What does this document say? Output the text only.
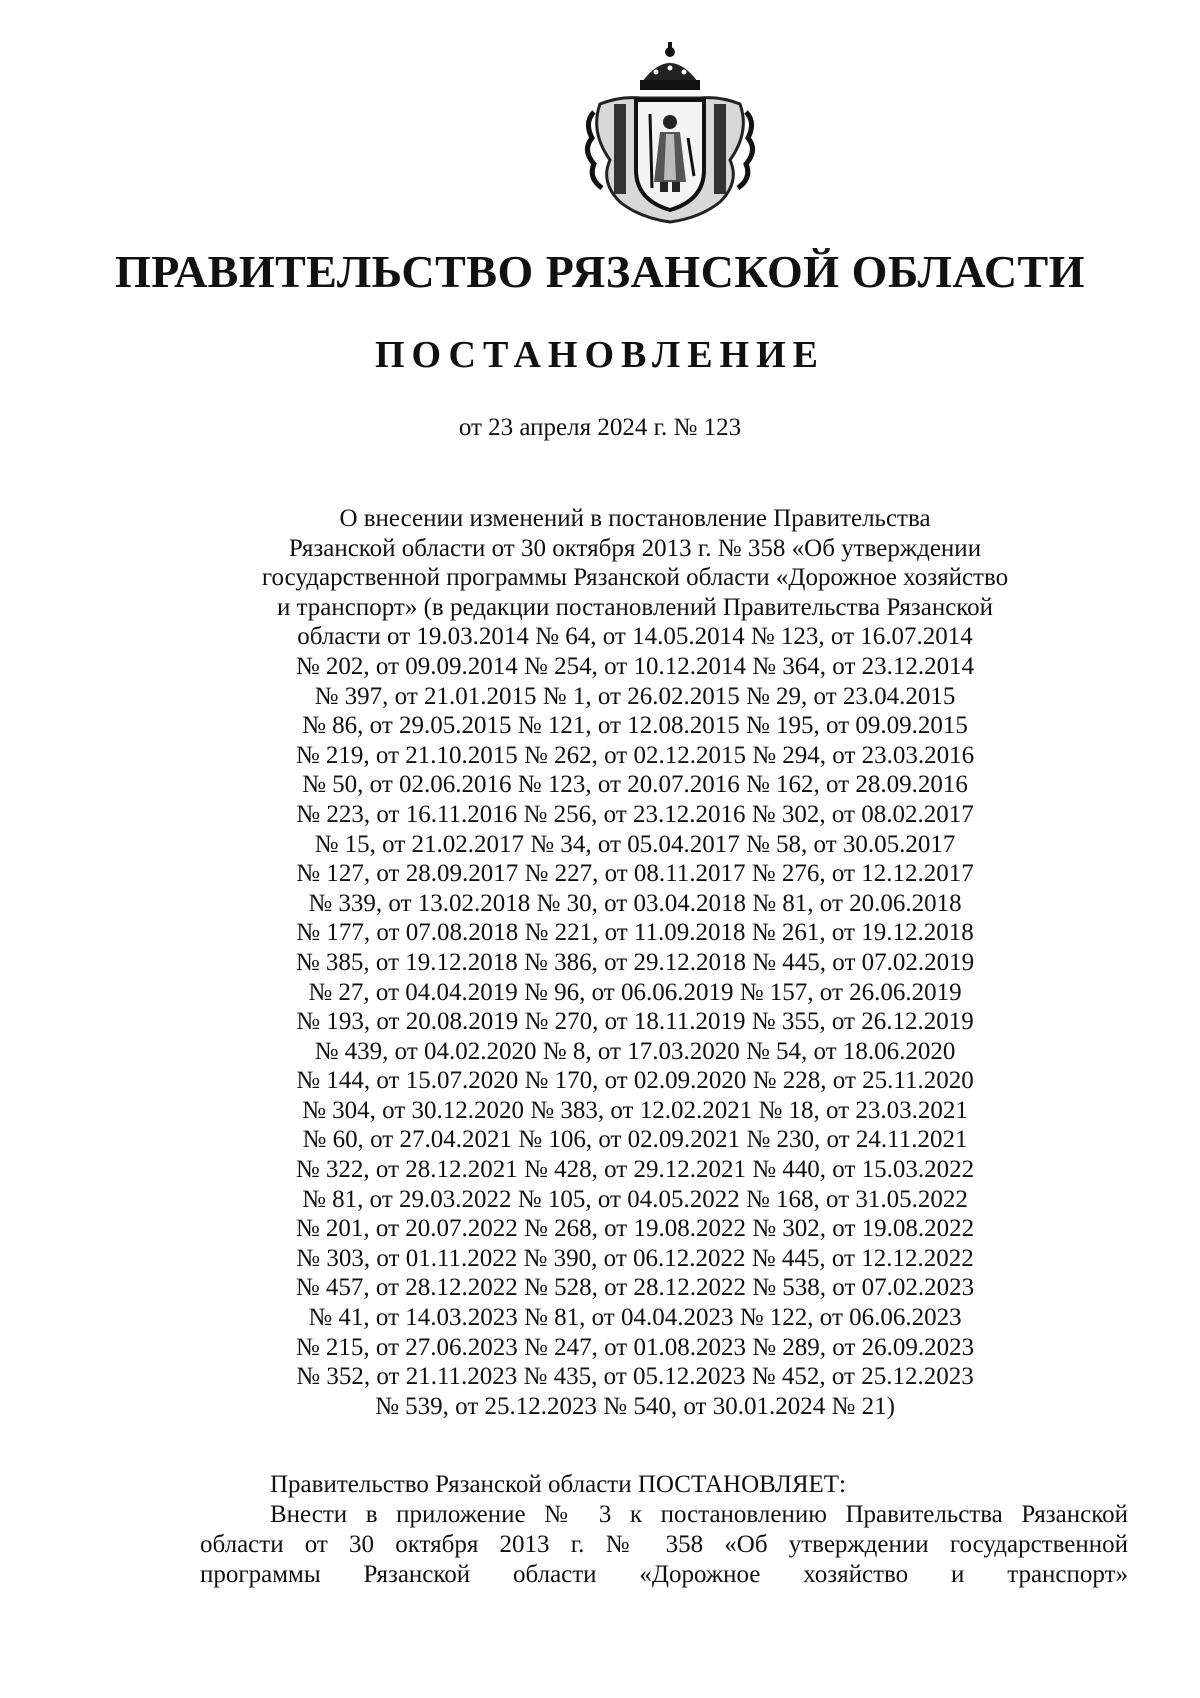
ПРАВИТЕЛЬСТВО РЯЗАНСКОЙ ОБЛАСТИ
ПОСТАНОВЛЕНИЕ
от 23 апреля 2024 г. № 123
О внесении изменений в постановление Правительства
Рязанской области от 30 октября 2013 г. № 358 «Об утверждении
государственной программы Рязанской области «Дорожное хозяйство
и транспорт» (в редакции постановлений Правительства Рязанской
области от 19.03.2014 № 64, от 14.05.2014 № 123, от 16.07.2014
№ 202, от 09.09.2014 № 254, от 10.12.2014 № 364, от 23.12.2014
№ 397, от 21.01.2015 № 1, от 26.02.2015 № 29, от 23.04.2015
№ 86, от 29.05.2015 № 121, от 12.08.2015 № 195, от 09.09.2015
№ 219, от 21.10.2015 № 262, от 02.12.2015 № 294, от 23.03.2016
№ 50, от 02.06.2016 № 123, от 20.07.2016 № 162, от 28.09.2016
№ 223, от 16.11.2016 № 256, от 23.12.2016 № 302, от 08.02.2017
№ 15, от 21.02.2017 № 34, от 05.04.2017 № 58, от 30.05.2017
№ 127, от 28.09.2017 № 227, от 08.11.2017 № 276, от 12.12.2017
№ 339, от 13.02.2018 № 30, от 03.04.2018 № 81, от 20.06.2018
№ 177, от 07.08.2018 № 221, от 11.09.2018 № 261, от 19.12.2018
№ 385, от 19.12.2018 № 386, от 29.12.2018 № 445, от 07.02.2019
№ 27, от 04.04.2019 № 96, от 06.06.2019 № 157, от 26.06.2019
№ 193, от 20.08.2019 № 270, от 18.11.2019 № 355, от 26.12.2019
№ 439, от 04.02.2020 № 8, от 17.03.2020 № 54, от 18.06.2020
№ 144, от 15.07.2020 № 170, от 02.09.2020 № 228, от 25.11.2020
№ 304, от 30.12.2020 № 383, от 12.02.2021 № 18, от 23.03.2021
№ 60, от 27.04.2021 № 106, от 02.09.2021 № 230, от 24.11.2021
№ 322, от 28.12.2021 № 428, от 29.12.2021 № 440, от 15.03.2022
№ 81, от 29.03.2022 № 105, от 04.05.2022 № 168, от 31.05.2022
№ 201, от 20.07.2022 № 268, от 19.08.2022 № 302, от 19.08.2022
№ 303, от 01.11.2022 № 390, от 06.12.2022 № 445, от 12.12.2022
№ 457, от 28.12.2022 № 528, от 28.12.2022 № 538, от 07.02.2023
№ 41, от 14.03.2023 № 81, от 04.04.2023 № 122, от 06.06.2023
№ 215, от 27.06.2023 № 247, от 01.08.2023 № 289, от 26.09.2023
№ 352, от 21.11.2023 № 435, от 05.12.2023 № 452, от 25.12.2023
№ 539, от 25.12.2023 № 540, от 30.01.2024 № 21)
Правительство Рязанской области ПОСТАНОВЛЯЕТ:
Внести в приложение № 3 к постановлению Правительства Рязанской
области от 30 октября 2013 г. № 358 «Об утверждении государственной
программы Рязанской области «Дорожное хозяйство и транспорт»
